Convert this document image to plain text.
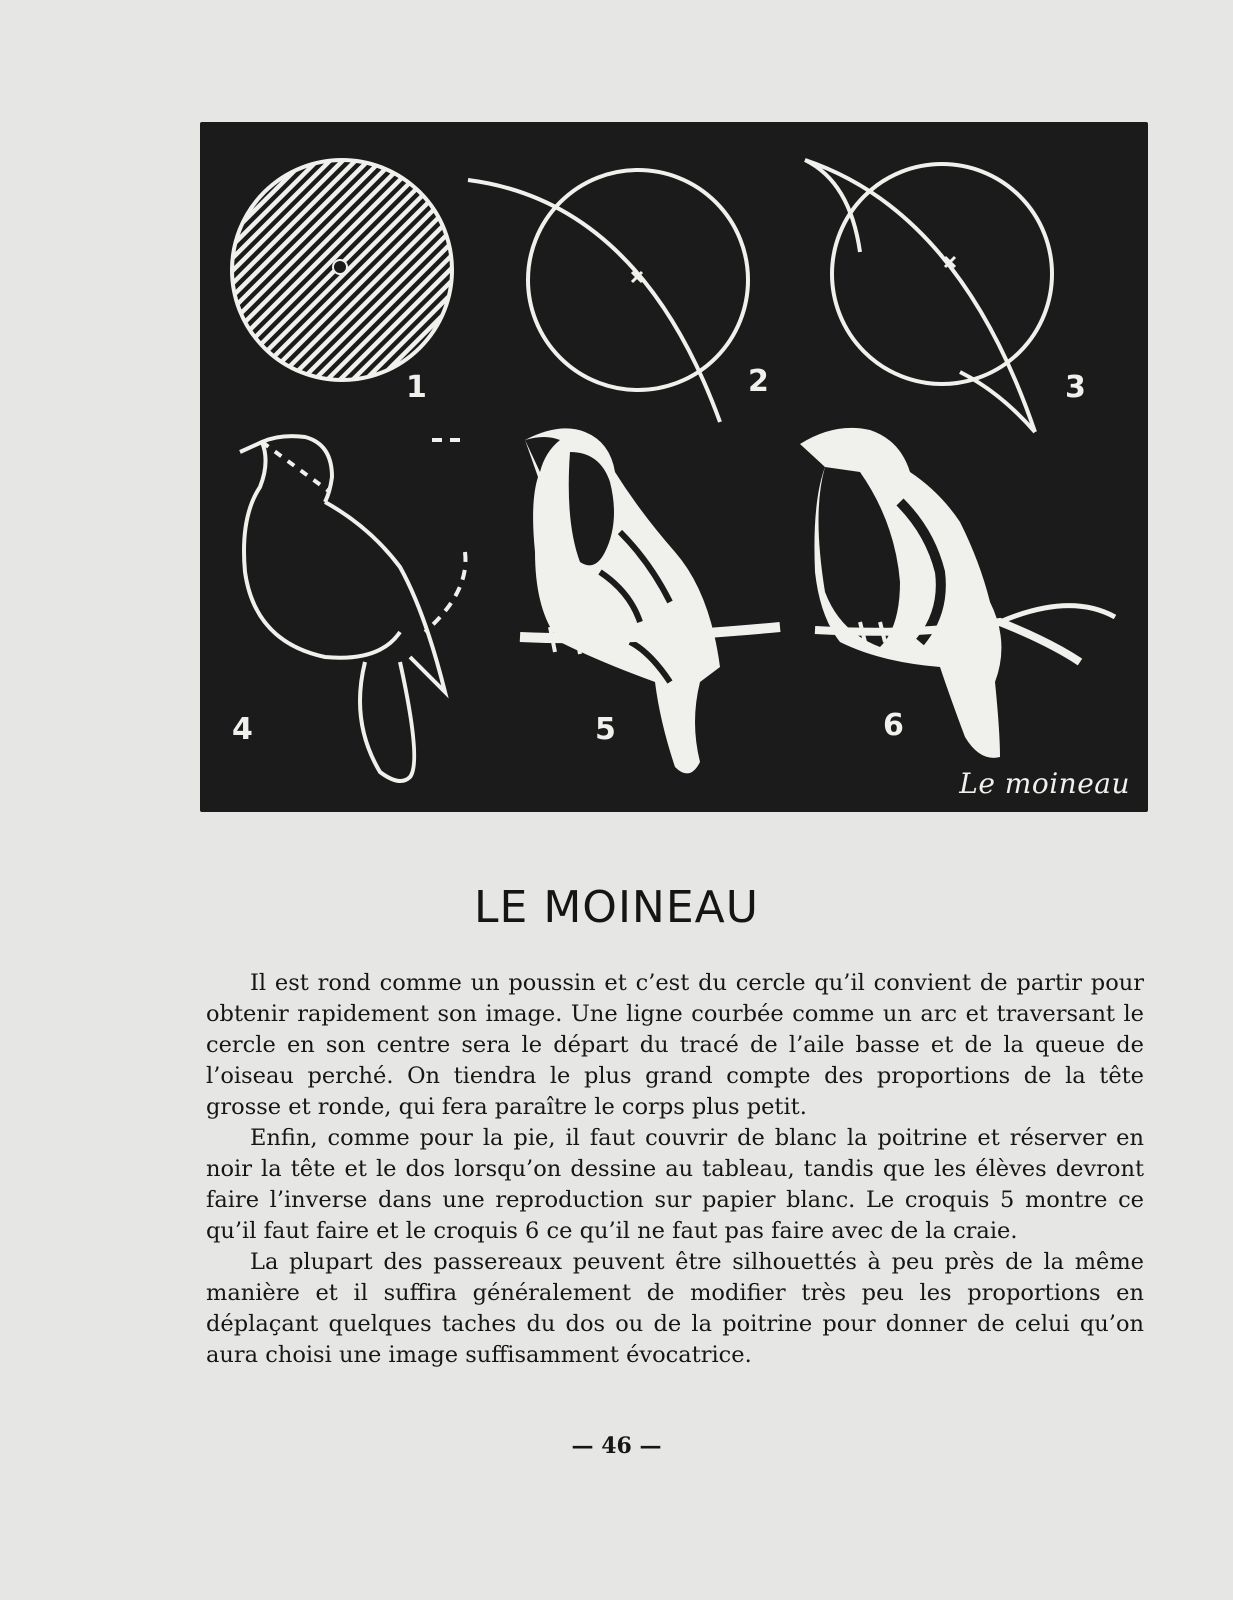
1	2	3
4	5	6
Le moineau
LE MOINEAU

Il est rond comme un poussin et c’est du cercle qu’il convient de partir pour obtenir rapidement son image. Une ligne courbée comme un arc et traversant le cercle en son centre sera le départ du tracé de l’aile basse et de la queue de l’oiseau perché. On tiendra le plus grand compte des proportions de la tête grosse et ronde, qui fera paraître le corps plus petit.

Enfin, comme pour la pie, il faut couvrir de blanc la poitrine et réserver en noir la tête et le dos lorsqu’on dessine au tableau, tandis que les élèves devront faire l’inverse dans une reproduction sur papier blanc. Le croquis 5 montre ce qu’il faut faire et le croquis 6 ce qu’il ne faut pas faire avec de la craie.

La plupart des passereaux peuvent être silhouettés à peu près de la même manière et il suffira généralement de modifier très peu les proportions en déplaçant quelques taches du dos ou de la poitrine pour donner de celui qu’on aura choisi une image suffisamment évocatrice.

— 46 —
